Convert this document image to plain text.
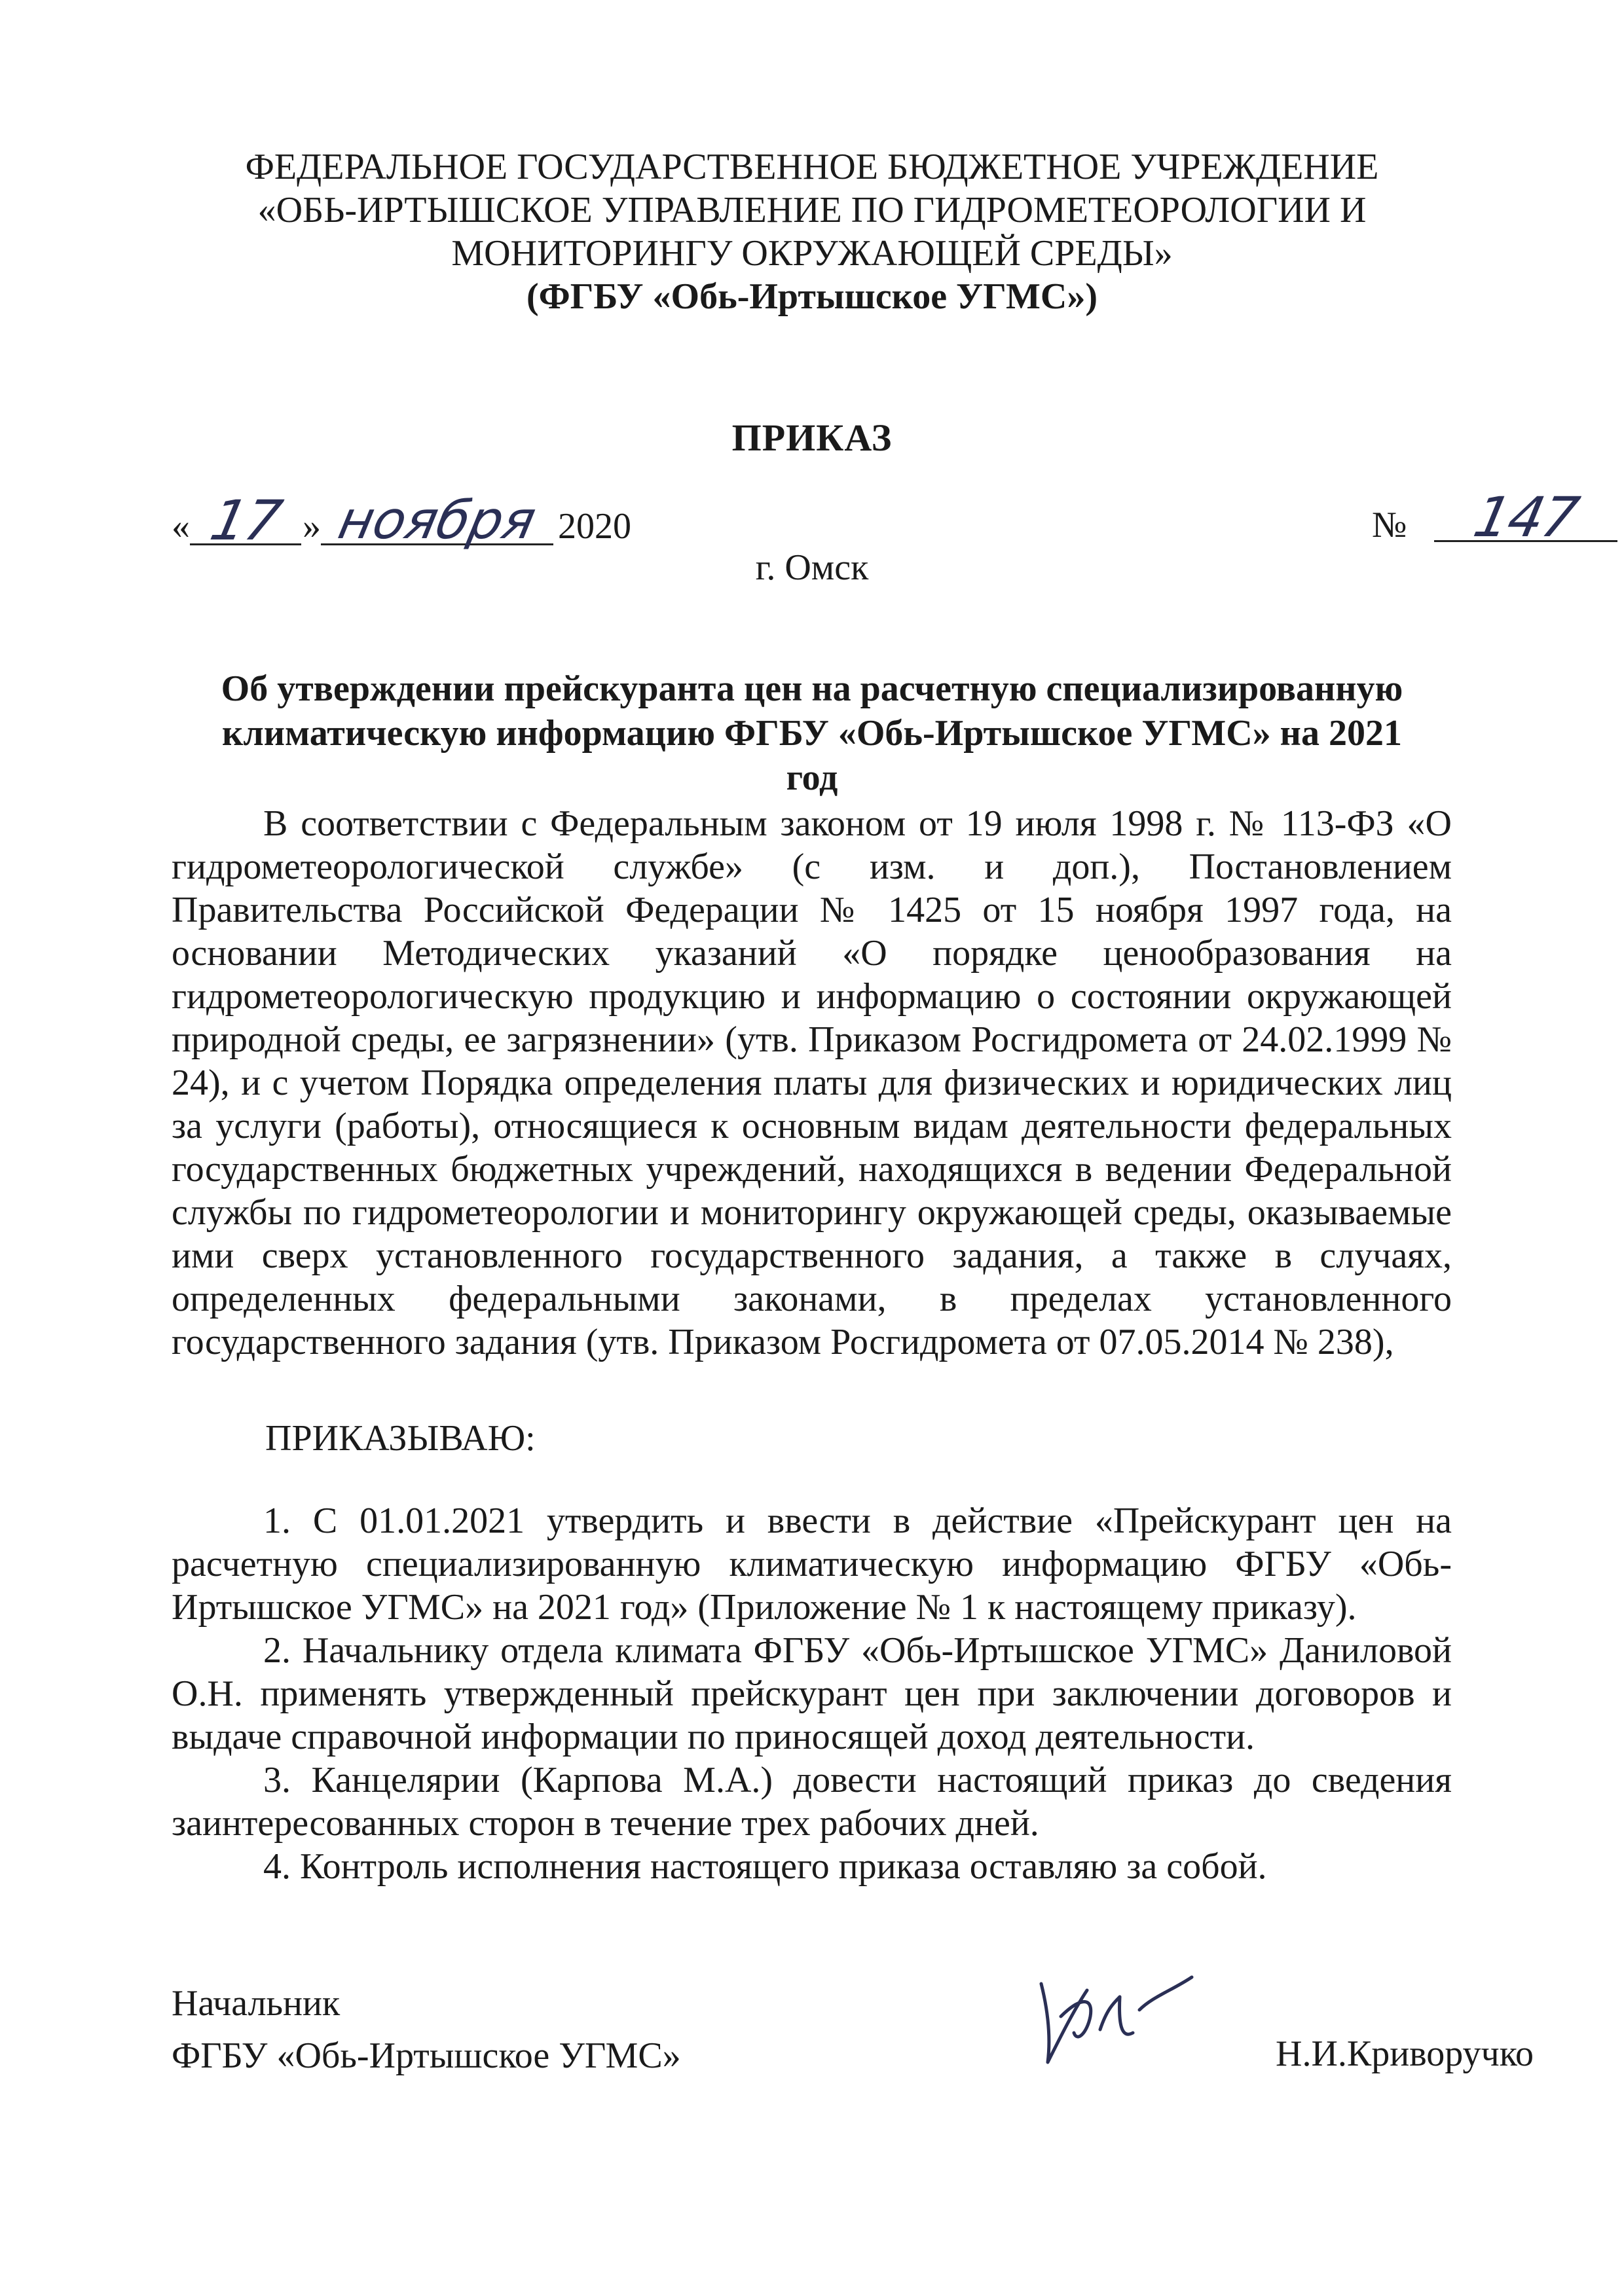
ФЕДЕРАЛЬНОЕ ГОСУДАРСТВЕННОЕ БЮДЖЕТНОЕ УЧРЕЖДЕНИЕ
«ОБЬ-ИРТЫШСКОЕ УПРАВЛЕНИЕ ПО ГИДРОМЕТЕОРОЛОГИИ И
МОНИТОРИНГУ ОКРУЖАЮЩЕЙ СРЕДЫ»
(ФГБУ «Обь-Иртышское УГМС»)
ПРИКАЗ
« 17 » ноября 2020	№	147
г. Омск
Об утверждении прейскуранта цен на расчетную специализированную
климатическую информацию ФГБУ «Обь-Иртышское УГМС» на 2021 год

В соответствии с Федеральным законом от 19 июля 1998 г. № 113-ФЗ «О гидрометеорологической службе» (с изм. и доп.), Постановлением Правительства Российской Федерации № 1425 от 15 ноября 1997 года, на основании Методических указаний «О порядке ценообразования на гидрометеорологическую продукцию и информацию о состоянии окружающей природной среды, ее загрязнении» (утв. Приказом Росгидромета от 24.02.1999 № 24), и с учетом Порядка определения платы для физических и юридических лиц за услуги (работы), относящиеся к основным видам деятельности федеральных государственных бюджетных учреждений, находящихся в ведении Федеральной службы по гидрометеорологии и мониторингу окружающей среды, оказываемые ими сверх установленного государственного задания, а также в случаях, определенных федеральными законами, в пределах установленного государственного задания (утв. Приказом Росгидромета от 07.05.2014 № 238),

ПРИКАЗЫВАЮ:

1. С 01.01.2021 утвердить и ввести в действие «Прейскурант цен на расчетную специализированную климатическую информацию ФГБУ «Обь-Иртышское УГМС» на 2021 год» (Приложение № 1 к настоящему приказу).

2. Начальнику отдела климата ФГБУ «Обь-Иртышское УГМС» Даниловой О.Н. применять утвержденный прейскурант цен при заключении договоров и выдаче справочной информации по приносящей доход деятельности.

3. Канцелярии (Карпова М.А.) довести настоящий приказ до сведения заинтересованных сторон в течение трех рабочих дней.

4. Контроль исполнения настоящего приказа оставляю за собой.

Начальник
ФГБУ «Обь-Иртышское УГМС»	Н.И.Криворучко
